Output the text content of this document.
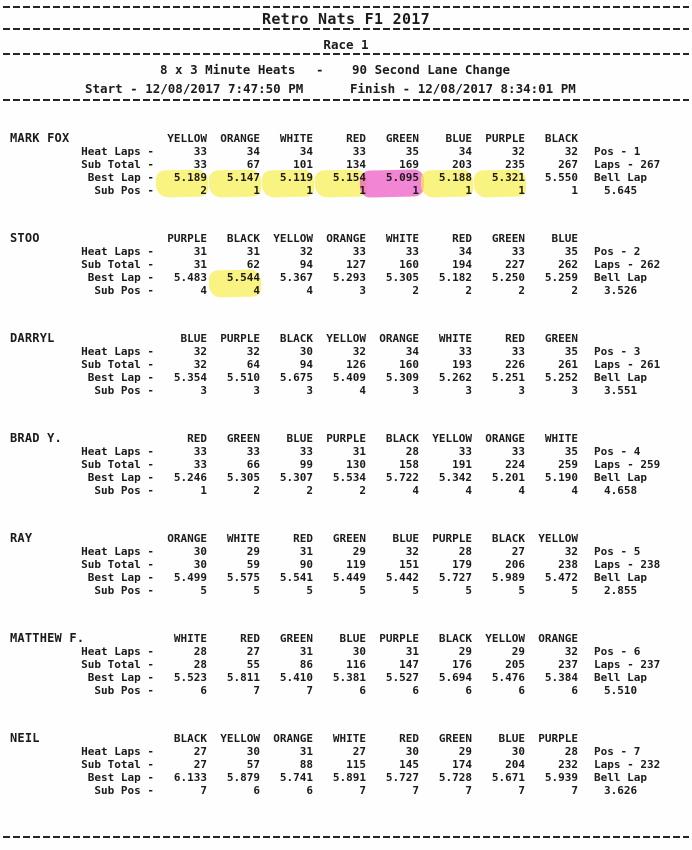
Retro Nats F1 2017
Race 1
8 x 3 Minute Heats - 90 Second Lane Change
Start - 12/08/2017 7:47:50 PM	Finish - 12/08/2017 8:34:01 PM
MARK FOX	YELLOW	ORANGE	WHITE	RED	GREEN	BLUE	PURPLE	BLACK
Heat Laps -	33	34	34	33	35	34	32	32	Pos - 1
Sub Total -	33	67	101	134	169	203	235	267	Laps - 267
Best Lap -	5.189	5.147	5.119	5.154	5.095	5.188	5.321	5.550	Bell Lap
Sub Pos -	2	1	1	1	1	1	1	1	5.645
STOO	PURPLE	BLACK	YELLOW	ORANGE	WHITE	RED	GREEN	BLUE
Heat Laps -	31	31	32	33	33	34	33	35	Pos - 2
Sub Total -	31	62	94	127	160	194	227	262	Laps - 262
Best Lap -	5.483	5.544	5.367	5.293	5.305	5.182	5.250	5.259	Bell Lap
Sub Pos -	4	4	4	3	2	2	2	2	3.526
DARRYL	BLUE	PURPLE	BLACK	YELLOW	ORANGE	WHITE	RED	GREEN
Heat Laps -	32	32	30	32	34	33	33	35	Pos - 3
Sub Total -	32	64	94	126	160	193	226	261	Laps - 261
Best Lap -	5.354	5.510	5.675	5.409	5.309	5.262	5.251	5.252	Bell Lap
Sub Pos -	3	3	3	4	3	3	3	3	3.551
BRAD Y.	RED	GREEN	BLUE	PURPLE	BLACK	YELLOW	ORANGE	WHITE
Heat Laps -	33	33	33	31	28	33	33	35	Pos - 4
Sub Total -	33	66	99	130	158	191	224	259	Laps - 259
Best Lap -	5.246	5.305	5.307	5.534	5.722	5.342	5.201	5.190	Bell Lap
Sub Pos -	1	2	2	2	4	4	4	4	4.658
RAY	ORANGE	WHITE	RED	GREEN	BLUE	PURPLE	BLACK	YELLOW
Heat Laps -	30	29	31	29	32	28	27	32	Pos - 5
Sub Total -	30	59	90	119	151	179	206	238	Laps - 238
Best Lap -	5.499	5.575	5.541	5.449	5.442	5.727	5.989	5.472	Bell Lap
Sub Pos -	5	5	5	5	5	5	5	5	2.855
MATTHEW F.	WHITE	RED	GREEN	BLUE	PURPLE	BLACK	YELLOW	ORANGE
Heat Laps -	28	27	31	30	31	29	29	32	Pos - 6
Sub Total -	28	55	86	116	147	176	205	237	Laps - 237
Best Lap -	5.523	5.811	5.410	5.381	5.527	5.694	5.476	5.384	Bell Lap
Sub Pos -	6	7	7	6	6	6	6	6	5.510
NEIL	BLACK	YELLOW	ORANGE	WHITE	RED	GREEN	BLUE	PURPLE
Heat Laps -	27	30	31	27	30	29	30	28	Pos - 7
Sub Total -	27	57	88	115	145	174	204	232	Laps - 232
Best Lap -	6.133	5.879	5.741	5.891	5.727	5.728	5.671	5.939	Bell Lap
Sub Pos -	7	6	6	7	7	7	7	7	3.626
